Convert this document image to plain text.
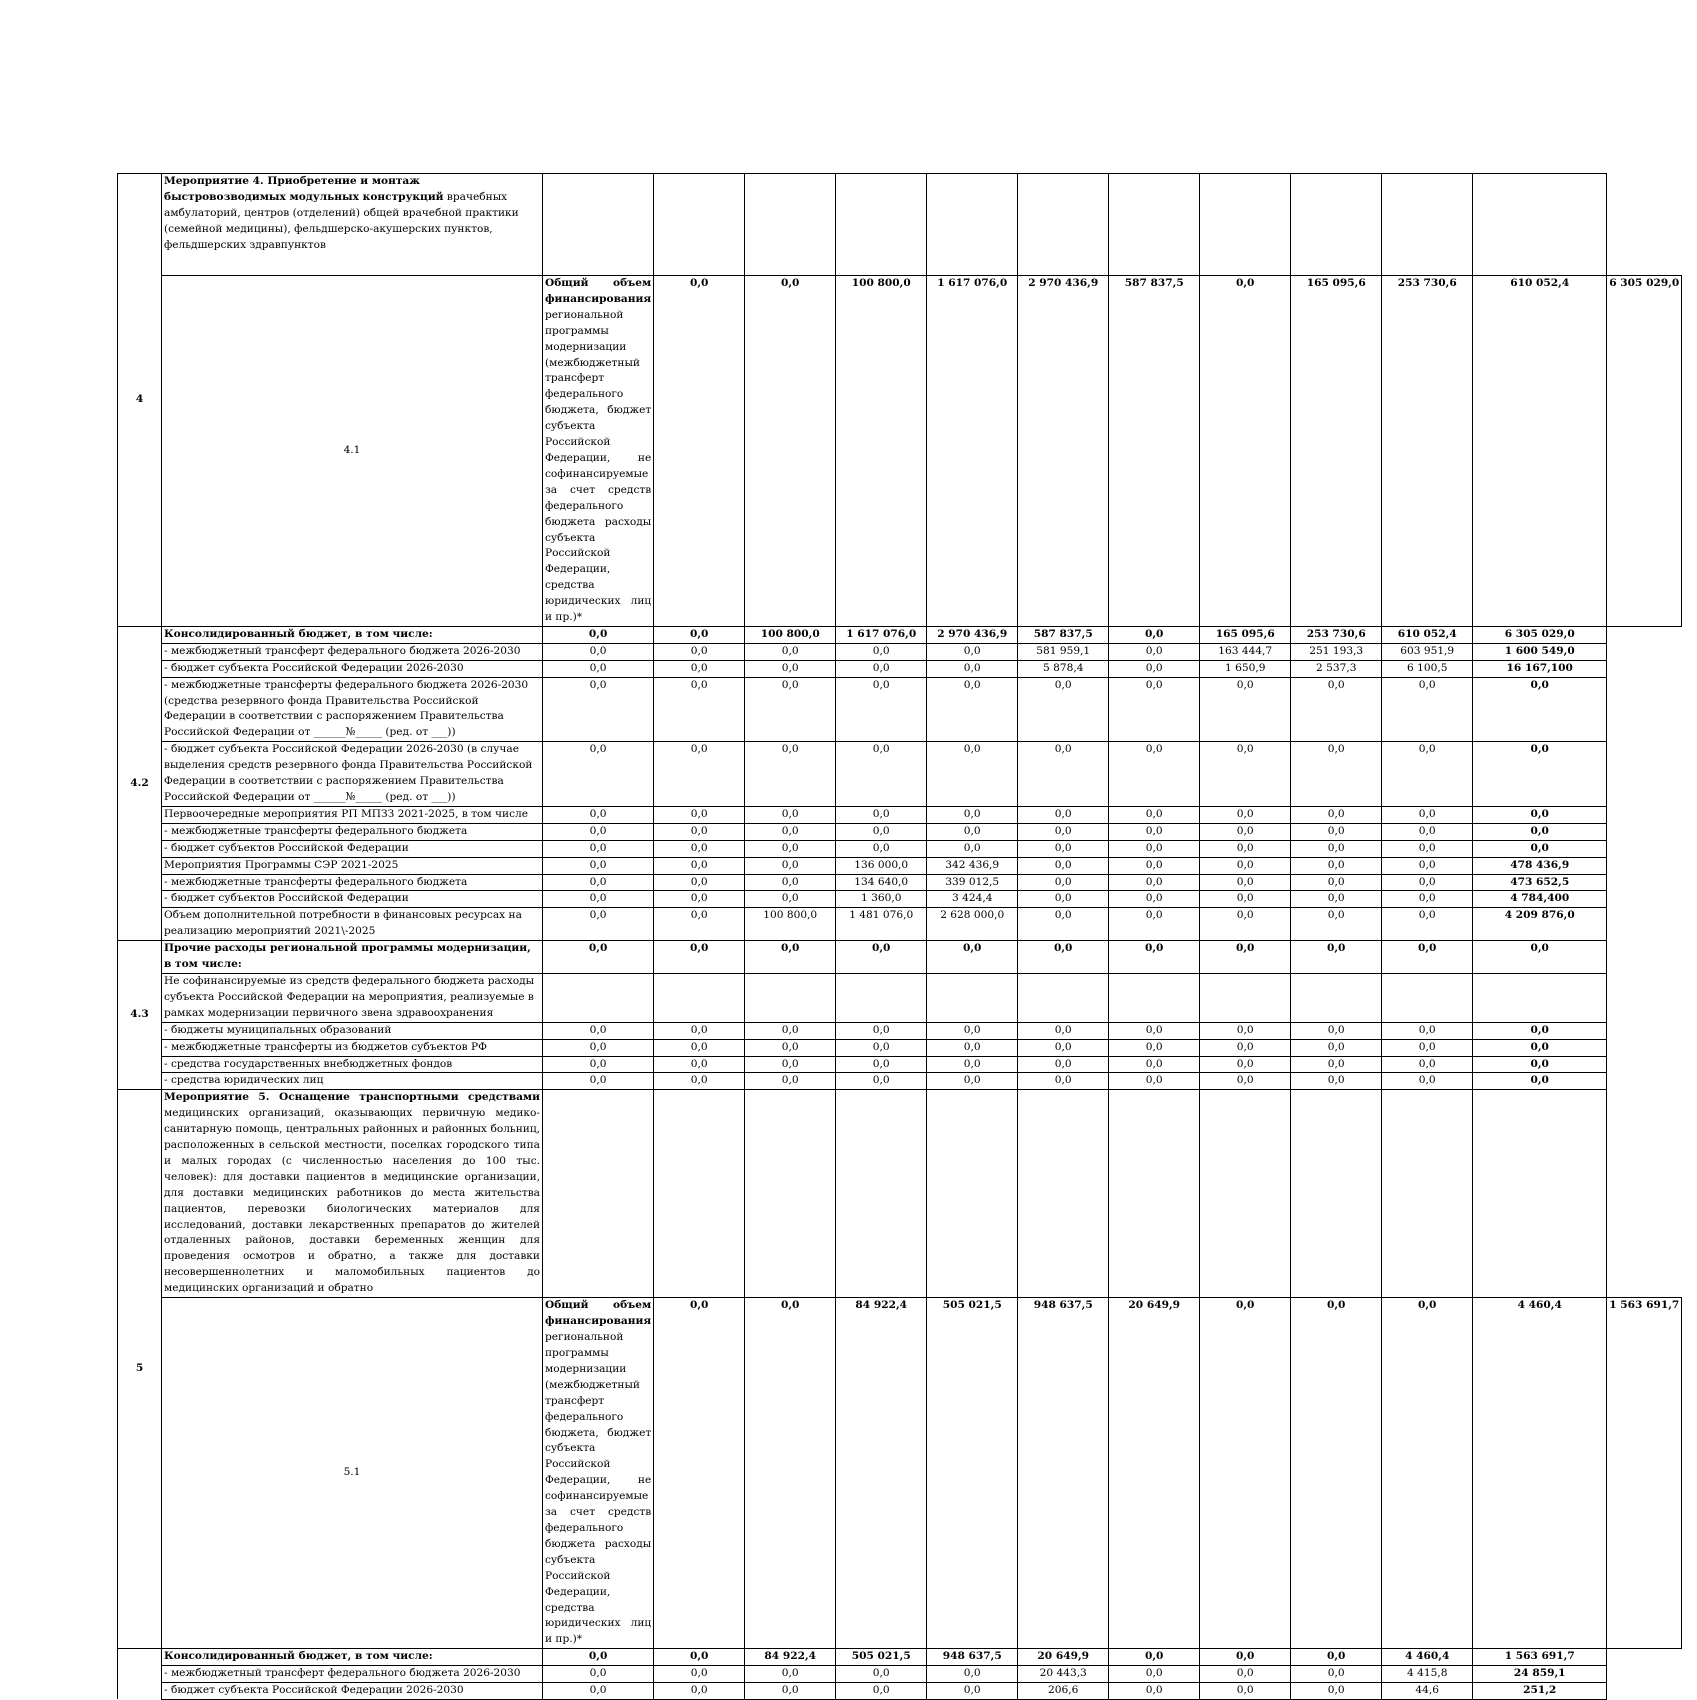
4	Мероприятие 4. Приобретение и монтаж быстровозводимых модульных конструкций врачебных амбулаторий, центров (отделений) общей врачебной практики (семейной медицины), фельдшерско-акушерских пунктов, фельдшерских здравпунктов												
	4.1	Общий объем финансирования региональной программы модернизации (межбюджетный трансферт федерального бюджета, бюджет субъекта Российской Федерации, не софинансируемые за счет средств федерального бюджета расходы субъекта Российской Федерации, средства юридических лиц и пр.)*	0,0	0,0	100 800,0	1 617 076,0	2 970 436,9	587 837,5	0,0	165 095,6	253 730,6	610 052,4	6 305 029,0
4.2	Консолидированный бюджет, в том числе:	0,0	0,0	100 800,0	1 617 076,0	2 970 436,9	587 837,5	0,0	165 095,6	253 730,6	610 052,4	6 305 029,0	
	- межбюджетный трансферт федерального бюджета 2026-2030	0,0	0,0	0,0	0,0	0,0	581 959,1	0,0	163 444,7	251 193,3	603 951,9	1 600 549,0	
	- бюджет субъекта Российской Федерации 2026-2030	0,0	0,0	0,0	0,0	0,0	5 878,4	0,0	1 650,9	2 537,3	6 100,5	16 167,100	
	- межбюджетные трансферты федерального бюджета 2026-2030 (средства резервного фонда Правительства Российской Федерации в соответствии с распоряжением Правительства Российской Федерации от ______№_____ (ред. от ___))	0,0	0,0	0,0	0,0	0,0	0,0	0,0	0,0	0,0	0,0	0,0	
	- бюджет субъекта Российской Федерации 2026-2030 (в случае выделения средств резервного фонда Правительства Российской Федерации в соответствии с распоряжением Правительства Российской Федерации от ______№_____ (ред. от ___))	0,0	0,0	0,0	0,0	0,0	0,0	0,0	0,0	0,0	0,0	0,0	
	Первоочередные мероприятия РП МПЗЗ 2021-2025, в том числе	0,0	0,0	0,0	0,0	0,0	0,0	0,0	0,0	0,0	0,0	0,0	
	- межбюджетные трансферты федерального бюджета	0,0	0,0	0,0	0,0	0,0	0,0	0,0	0,0	0,0	0,0	0,0	
	- бюджет субъектов Российской Федерации	0,0	0,0	0,0	0,0	0,0	0,0	0,0	0,0	0,0	0,0	0,0	
	Мероприятия Программы СЭР 2021-2025	0,0	0,0	0,0	136 000,0	342 436,9	0,0	0,0	0,0	0,0	0,0	478 436,9	
	- межбюджетные трансферты федерального бюджета	0,0	0,0	0,0	134 640,0	339 012,5	0,0	0,0	0,0	0,0	0,0	473 652,5	
	- бюджет субъектов Российской Федерации	0,0	0,0	0,0	1 360,0	3 424,4	0,0	0,0	0,0	0,0	0,0	4 784,400	
	Объем дополнительной потребности в финансовых ресурсах на реализацию мероприятий 2021\-2025	0,0	0,0	100 800,0	1 481 076,0	2 628 000,0	0,0	0,0	0,0	0,0	0,0	4 209 876,0	
4.3	Прочие расходы региональной программы модернизации, в том числе:	0,0	0,0	0,0	0,0	0,0	0,0	0,0	0,0	0,0	0,0	0,0	
	Не софинансируемые из средств федерального бюджета расходы субъекта Российской Федерации на мероприятия, реализуемые в рамках модернизации первичного звена здравоохранения												
	- бюджеты муниципальных образований	0,0	0,0	0,0	0,0	0,0	0,0	0,0	0,0	0,0	0,0	0,0	
	- межбюджетные трансферты из бюджетов субъектов РФ	0,0	0,0	0,0	0,0	0,0	0,0	0,0	0,0	0,0	0,0	0,0	
	- средства государственных внебюджетных фондов	0,0	0,0	0,0	0,0	0,0	0,0	0,0	0,0	0,0	0,0	0,0	
	- средства юридических лиц	0,0	0,0	0,0	0,0	0,0	0,0	0,0	0,0	0,0	0,0	0,0	
5	Мероприятие 5. Оснащение транспортными средствами медицинских организаций, оказывающих первичную медико-санитарную помощь, центральных районных и районных больниц, расположенных в сельской местности, поселках городского типа и малых городах (с численностью населения до 100 тыс. человек): для доставки пациентов в медицинские организации, для доставки медицинских работников до места жительства пациентов, перевозки биологических материалов для исследований, доставки лекарственных препаратов до жителей отдаленных районов, доставки беременных женщин для проведения осмотров и обратно, а также для доставки несовершеннолетних и маломобильных пациентов до медицинских организаций и обратно												
	5.1	Общий объем финансирования региональной программы модернизации (межбюджетный трансферт федерального бюджета, бюджет субъекта Российской Федерации, не софинансируемые за счет средств федерального бюджета расходы субъекта Российской Федерации, средства юридических лиц и пр.)*	0,0	0,0	84 922,4	505 021,5	948 637,5	20 649,9	0,0	0,0	0,0	4 460,4	1 563 691,7
	Консолидированный бюджет, в том числе:	0,0	0,0	84 922,4	505 021,5	948 637,5	20 649,9	0,0	0,0	0,0	4 460,4	1 563 691,7	
	- межбюджетный трансферт федерального бюджета 2026-2030	0,0	0,0	0,0	0,0	0,0	20 443,3	0,0	0,0	0,0	4 415,8	24 859,1	
	- бюджет субъекта Российской Федерации 2026-2030	0,0	0,0	0,0	0,0	0,0	206,6	0,0	0,0	0,0	44,6	251,2	
